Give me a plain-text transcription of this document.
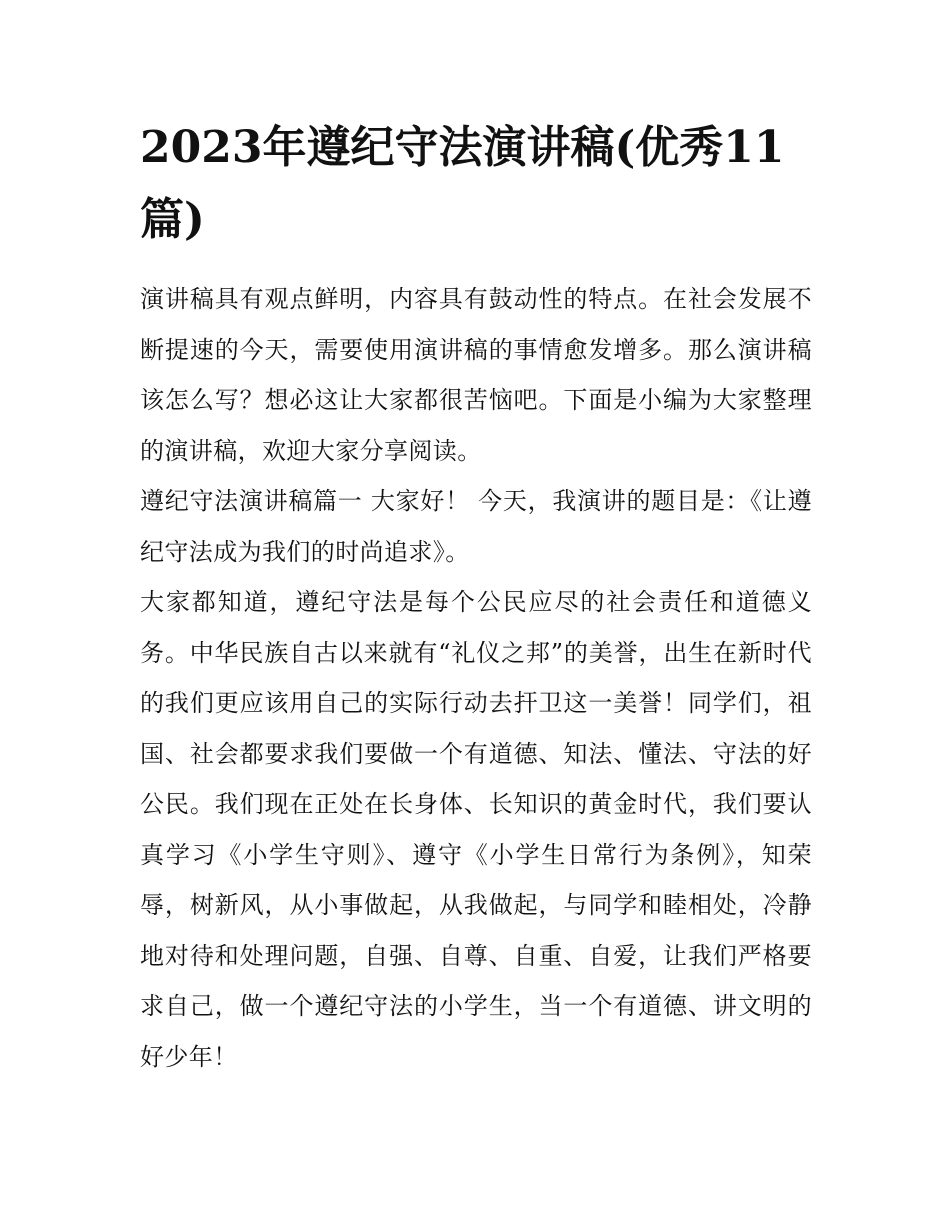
2023年遵纪守法演讲稿(优秀11篇)

演讲稿具有观点鲜明，内容具有鼓动性的特点。在社会发展不断提速的今天，需要使用演讲稿的事情愈发增多。那么演讲稿该怎么写？想必这让大家都很苦恼吧。下面是小编为大家整理的演讲稿，欢迎大家分享阅读。

遵纪守法演讲稿篇一 大家好！ 今天，我演讲的题目是：《让遵纪守法成为我们的时尚追求》。

大家都知道，遵纪守法是每个公民应尽的社会责任和道德义务。中华民族自古以来就有“礼仪之邦”的美誉，出生在新时代的我们更应该用自己的实际行动去扞卫这一美誉！同学们，祖国、社会都要求我们要做一个有道德、知法、懂法、守法的好公民。我们现在正处在长身体、长知识的黄金时代，我们要认真学习《小学生守则》、遵守《小学生日常行为条例》，知荣辱，树新风，从小事做起，从我做起，与同学和睦相处，冷静地对待和处理问题，自强、自尊、自重、自爱，让我们严格要求自己，做一个遵纪守法的小学生，当一个有道德、讲文明的好少年！
